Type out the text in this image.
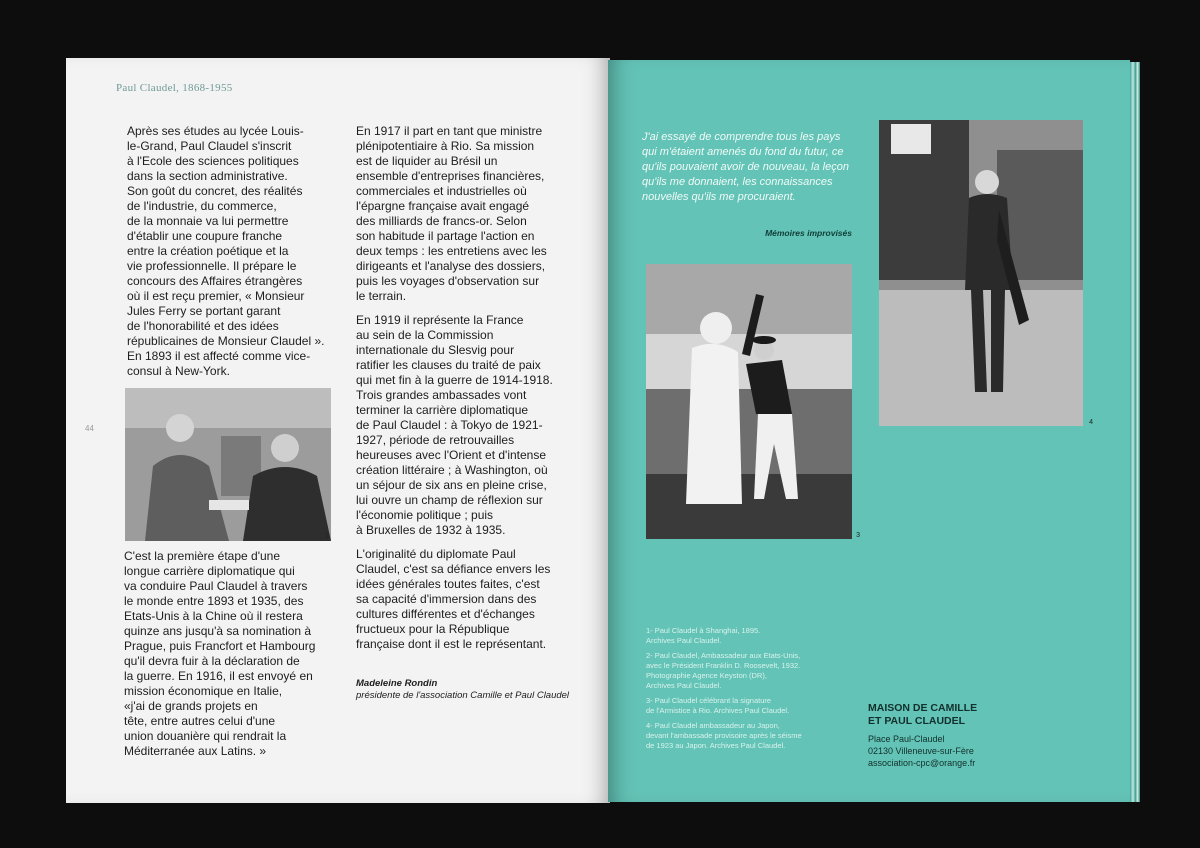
Paul Claudel, 1868-1955
44

Après ses études au lycée Louis-
le-Grand, Paul Claudel s'inscrit
à l'Ecole des sciences politiques
dans la section administrative.
Son goût du concret, des réalités
de l'industrie, du commerce,
de la monnaie va lui permettre
d'établir une coupure franche
entre la création poétique et la
vie professionnelle. Il prépare le
concours des Affaires étrangères
où il est reçu premier, « Monsieur
Jules Ferry se portant garant
de l'honorabilité et des idées
républicaines de Monsieur Claudel ».
En 1893 il est affecté comme vice-
consul à New-York.

2

C'est la première étape d'une
longue carrière diplomatique qui
va conduire Paul Claudel à travers
le monde entre 1893 et 1935, des
Etats-Unis à la Chine où il restera
quinze ans jusqu'à sa nomination à
Prague, puis Francfort et Hambourg
qu'il devra fuir à la déclaration de
la guerre. En 1916, il est envoyé en
mission économique en Italie,
«j'ai de grands projets en
tête, entre autres celui d'une
union douanière qui rendrait la
Méditerranée aux Latins. »

En 1917 il part en tant que ministre
plénipotentiaire à Rio. Sa mission
est de liquider au Brésil un
ensemble d'entreprises financières,
commerciales et industrielles où
l'épargne française avait engagé
des milliards de francs-or. Selon
son habitude il partage l'action en
deux temps : les entretiens avec les
dirigeants et l'analyse des dossiers,
puis les voyages d'observation sur
le terrain.

En 1919 il représente la France
au sein de la Commission
internationale du Slesvig pour
ratifier les clauses du traité de paix
qui met fin à la guerre de 1914-1918.
Trois grandes ambassades vont
terminer la carrière diplomatique
de Paul Claudel : à Tokyo de 1921-
1927, période de retrouvailles
heureuses avec l'Orient et d'intense
création littéraire ; à Washington, où
un séjour de six ans en pleine crise,
lui ouvre un champ de réflexion sur
l'économie politique ; puis
à Bruxelles de 1932 à 1935.

L'originalité du diplomate Paul
Claudel, c'est sa défiance envers les
idées générales toutes faites, c'est
sa capacité d'immersion dans des
cultures différentes et d'échanges
fructueux pour la République
française dont il est le représentant.

Madeleine Rondin
présidente de l'association Camille et Paul Claudel
J'ai essayé de comprendre tous les pays qui m'étaient amenés du fond du futur, ce qu'ils pouvaient avoir de nouveau, la leçon qu'ils me donnaient, les connaissances nouvelles qu'ils me procuraient.
Mémoires improvisés
3
4

1- Paul Claudel à Shanghai, 1895.
Archives Paul Claudel.

2- Paul Claudel, Ambassadeur aux Etats-Unis,
avec le Président Franklin D. Roosevelt, 1932.
Photographie Agence Keyston (DR),
Archives Paul Claudel.

3- Paul Claudel célébrant la signature
de l'Armistice à Rio. Archives Paul Claudel.

4- Paul Claudel ambassadeur au Japon,
devant l'ambassade provisoire après le séisme
de 1923 au Japon. Archives Paul Claudel.

MAISON DE CAMILLE
ET PAUL CLAUDEL
Place Paul-Claudel
02130 Villeneuve-sur-Fère
association-cpc@orange.fr
